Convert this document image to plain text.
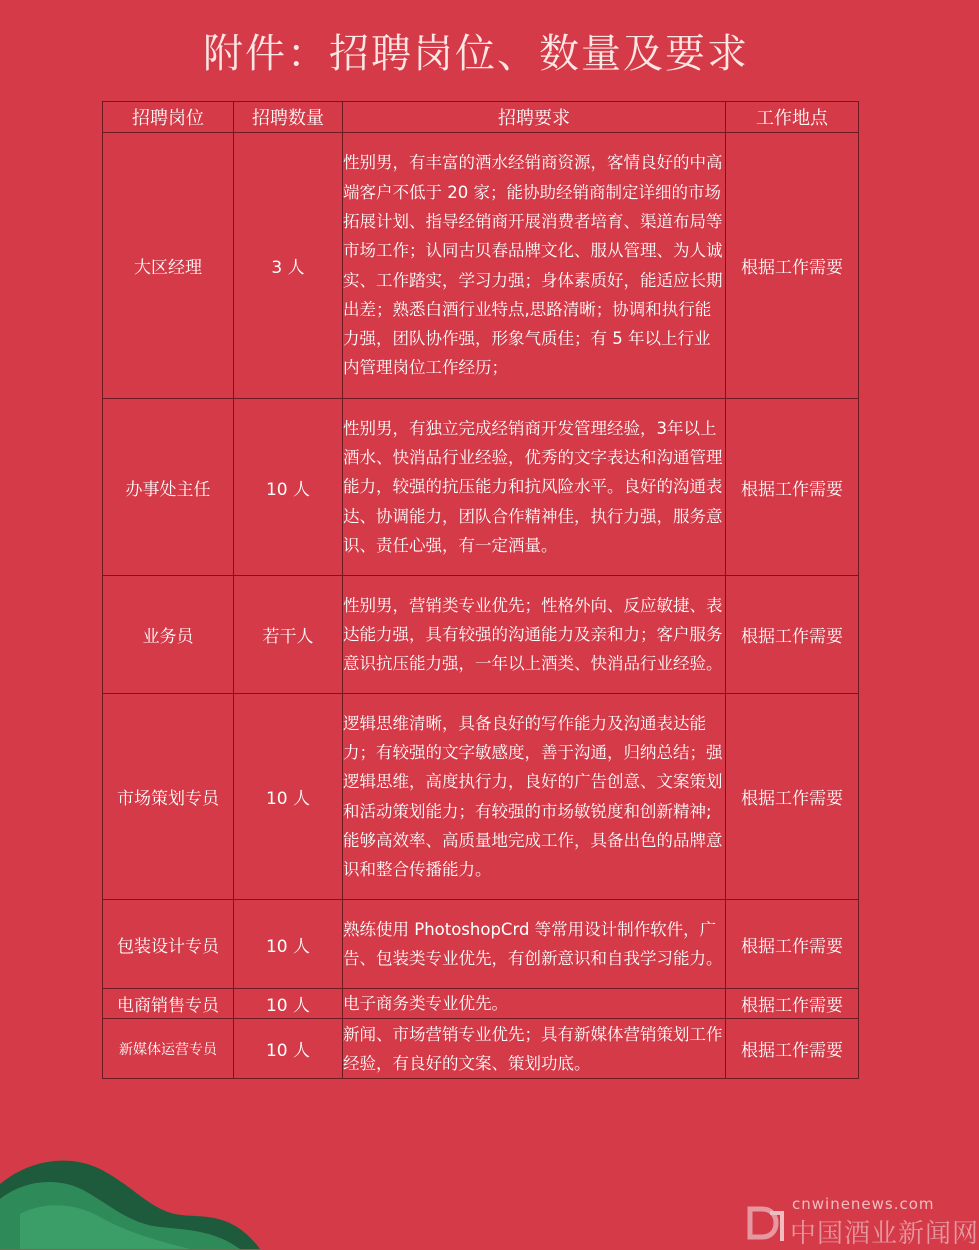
附件：招聘岗位、数量及要求
招聘岗位	招聘数量	招聘要求	工作地点
大区经理	3 人	性别男，有丰富的酒水经销商资源，客情良好的中高端客户不低于 20 家；能协助经销商制定详细的市场拓展计划、指导经销商开展消费者培育、渠道布局等市场工作；认同古贝春品牌文化、服从管理、为人诚实、工作踏实，学习力强；身体素质好，能适应长期出差；熟悉白酒行业特点,思路清晰；协调和执行能力强，团队协作强，形象气质佳；有 5 年以上行业内管理岗位工作经历；	根据工作需要
办事处主任	10 人	性别男，有独立完成经销商开发管理经验，3年以上酒水、快消品行业经验，优秀的文字表达和沟通管理能力，较强的抗压能力和抗风险水平。良好的沟通表达、协调能力，团队合作精神佳，执行力强，服务意识、责任心强，有一定酒量。	根据工作需要
业务员	若干人	性别男，营销类专业优先；性格外向、反应敏捷、表达能力强，具有较强的沟通能力及亲和力；客户服务意识抗压能力强，一年以上酒类、快消品行业经验。	根据工作需要
市场策划专员	10 人	逻辑思维清晰，具备良好的写作能力及沟通表达能力；有较强的文字敏感度，善于沟通，归纳总结；强逻辑思维，高度执行力，良好的广告创意、文案策划和活动策划能力；有较强的市场敏锐度和创新精神;能够高效率、高质量地完成工作，具备出色的品牌意识和整合传播能力。	根据工作需要
包装设计专员	10 人	熟练使用 PhotoshopCrd 等常用设计制作软件，广告、包装类专业优先，有创新意识和自我学习能力。	根据工作需要
电商销售专员	10 人	电子商务类专业优先。	根据工作需要
新媒体运营专员	10 人	新闻、市场营销专业优先；具有新媒体营销策划工作经验，有良好的文案、策划功底。	根据工作需要
cnwinenews.com
中国酒业新闻网
